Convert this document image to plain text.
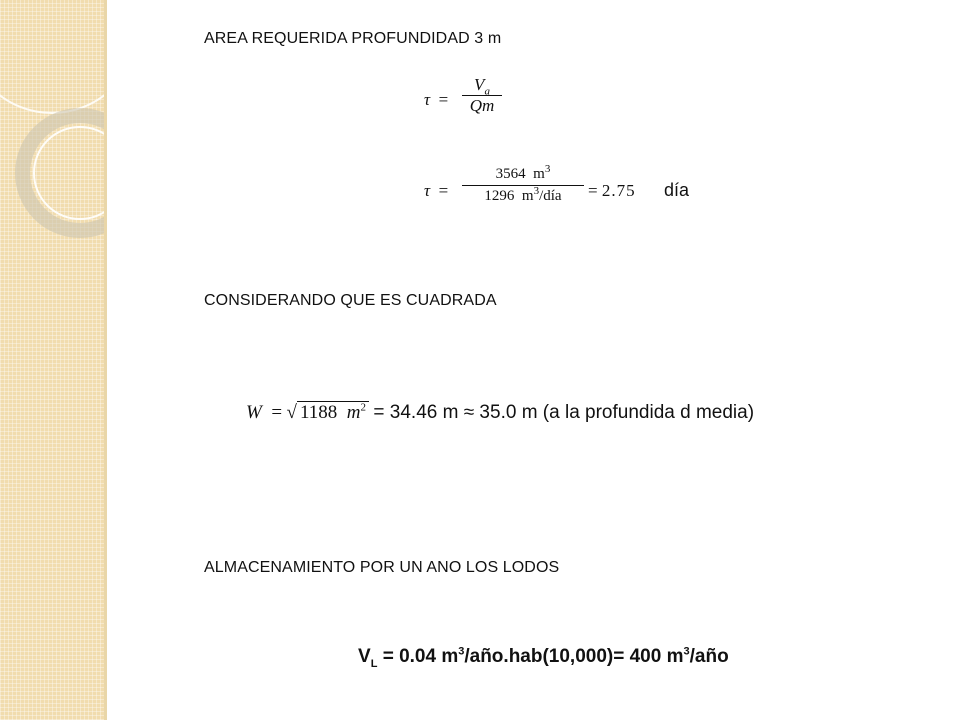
AREA REQUERIDA PROFUNDIDAD 3 m
τ =
$V_a$
Qm
τ =
3564 $m^3$
1296 $m^3$/día	= 2.75 día
CONSIDERANDO QUE ES CUADRADA
W = √ 1188 $m^2 = 34.46$ m ≈ 35.0 m (a la profundida d media)
ALMACENAMIENTO POR UN ANO LOS LODOS
$V_L = 0.04$ $m^3/año.hab(10,000)= 400$ $m^3$/año
